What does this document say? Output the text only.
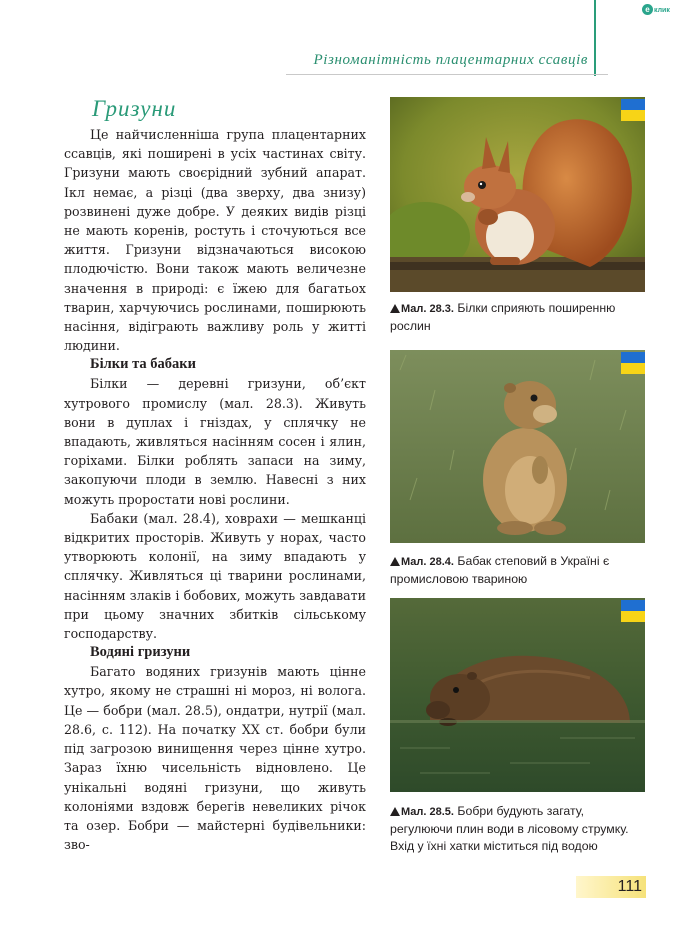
e клик
Різноманітність плацентарних ссавців
Гризуни

Це найчисленніша група плацентарних ссавців, які поширені в усіх частинах світу. Гризуни мають своєрідний зубний апарат. Ікл немає, а різці (два зверху, два знизу) розвинені дуже добре. У деяких видів різці не мають коренів, ростуть і сточуються все життя. Гризуни відзначаються високою плодючістю. Вони також мають величезне значення в природі: є їжею для багатьох тварин, харчуючись рослинами, поширюють насіння, відіграють важливу роль у житті людини.

Білки та бабаки

Білки — деревні гризуни, об’єкт хутрового промислу (мал. 28.3). Живуть вони в дуплах і гніздах, у сплячку не впадають, живляться насінням сосен і ялин, горіхами. Білки роблять запаси на зиму, закопуючи плоди в землю. Навесні з них можуть проростати нові рослини.

Бабаки (мал. 28.4), ховрахи — мешканці відкритих просторів. Живуть у норах, часто утворюють колонії, на зиму впадають у сплячку. Живляться ці тварини рослинами, насінням злаків і бобових, можуть завдавати при цьому значних збитків сільському господарству.

Водяні гризуни

Багато водяних гризунів мають цінне хутро, якому не страшні ні мороз, ні волога. Це — бобри (мал. 28.5), ондатри, нутрії (мал. 28.6, с. 112). На початку XX ст. бобри були під загрозою винищення через цінне хутро. Зараз їхню чисельність відновлено. Це унікальні водяні гризуни, що живуть колоніями вздовж берегів невеликих річок та озер. Бобри — майстерні будівельники: зво-

Мал. 28.3. Білки сприяють поширенню рослин
Мал. 28.4. Бабак степовий в Україні є промисловою твариною
Мал. 28.5. Бобри будують загату, регулюючи плин води в лісовому струмку. Вхід у їхні хатки міститься під водою
111
